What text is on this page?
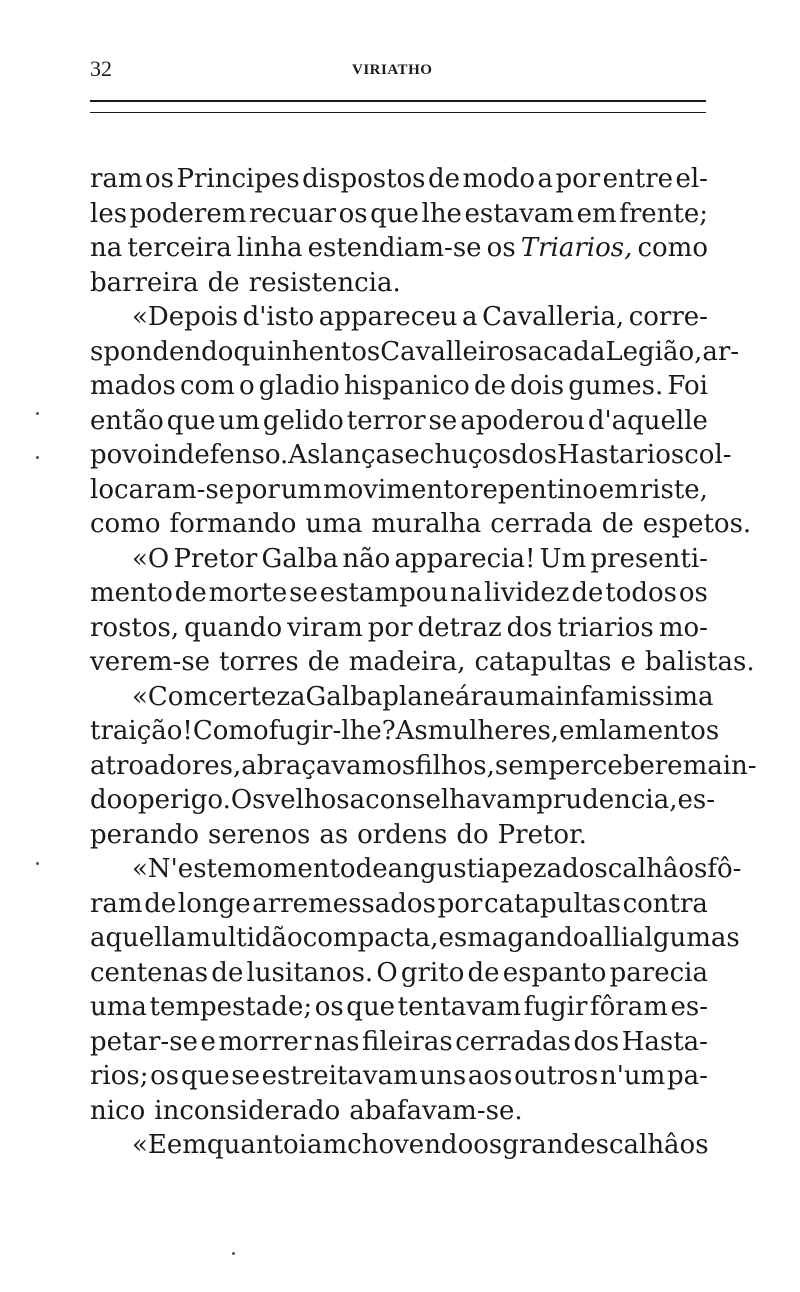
32	VIRIATHO
ram os Principes dispostos de modo a por entre el-
les poderem recuar os que lhe estavam em frente;
na terceira linha estendiam-se os Triarios, como
barreira de resistencia.
«Depois d'isto appareceu a Cavalleria, corre-
spondendo quinhentos Cavalleiros a cada Legião, ar-
mados com o gladio hispanico de dois gumes. Foi
então que um gelido terror se apoderou d'aquelle
povo indefenso. As lanças e chuços dos Hastarios col-
locaram-se por um movimento repentino em riste,
como formando uma muralha cerrada de espetos.
«O Pretor Galba não apparecia! Um presenti-
mento de morte se estampou na lividez de todos os
rostos, quando viram por detraz dos triarios mo-
verem-se torres de madeira, catapultas e balistas.
«Com certeza Galba planeára uma infamissima
traição! Como fugir-lhe? As mulheres, em lamentos
atroadores, abraçavam os filhos, sem perceberem ain-
do o perigo. Os velhos aconselhavam prudencia, es-
perando serenos as ordens do Pretor.
«N'este momento de angustia pezados calhâos fô-
ram de longe arremessados por catapultas contra
aquella multidão compacta, esmagando alli algumas
centenas de lusitanos. O grito de espanto parecia
uma tempestade; os que tentavam fugir fôram es-
petar-se e morrer nas fileiras cerradas dos Hasta-
rios; os que se estreitavam uns aos outros n'um pa-
nico inconsiderado abafavam-se.
«E emquanto iam chovendo os grandes calhâos
